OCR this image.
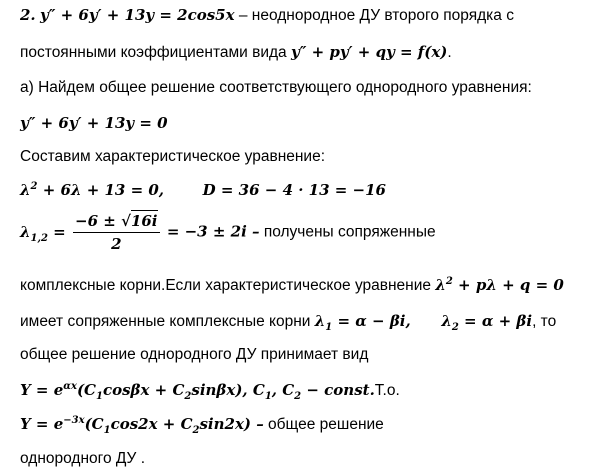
2. y″ + 6y′ + 13y = 2cos5x – неоднородное ДУ второго порядка с
постоянными коэффициентами вида y″ + py′ + qy = f(x).
а) Найдем общее решение соответствующего однородного уравнения:
y″ + 6y′ + 13y = 0
Составим характеристическое уравнение:
$\lambda^2 + 6\lambda + 13 = 0$,	D = 36 − 4 · 13 = −16
$\lambda_{1,2} = \frac{-6 \pm √16i}{2} = -3 \pm 2i$ – получены сопряженные
комплексные корни.Если характеристическое уравнение $\lambda^2 + p\lambda + q = 0$
имеет сопряженные комплексные корни $\lambda_1 = \alpha - \beta i$, $\lambda_2 = \alpha + \beta i$, то
общее решение однородного ДУ принимает вид
$Y = e^{\alpha x}(C_1\cos\beta x + C_2\sin\beta x)$, $C_1$, $C_2$ − const.Т.о.
$Y = e^{-3x}(C_1\cos 2x + C_2\sin 2x)$ – общее решение
однородного ДУ .
